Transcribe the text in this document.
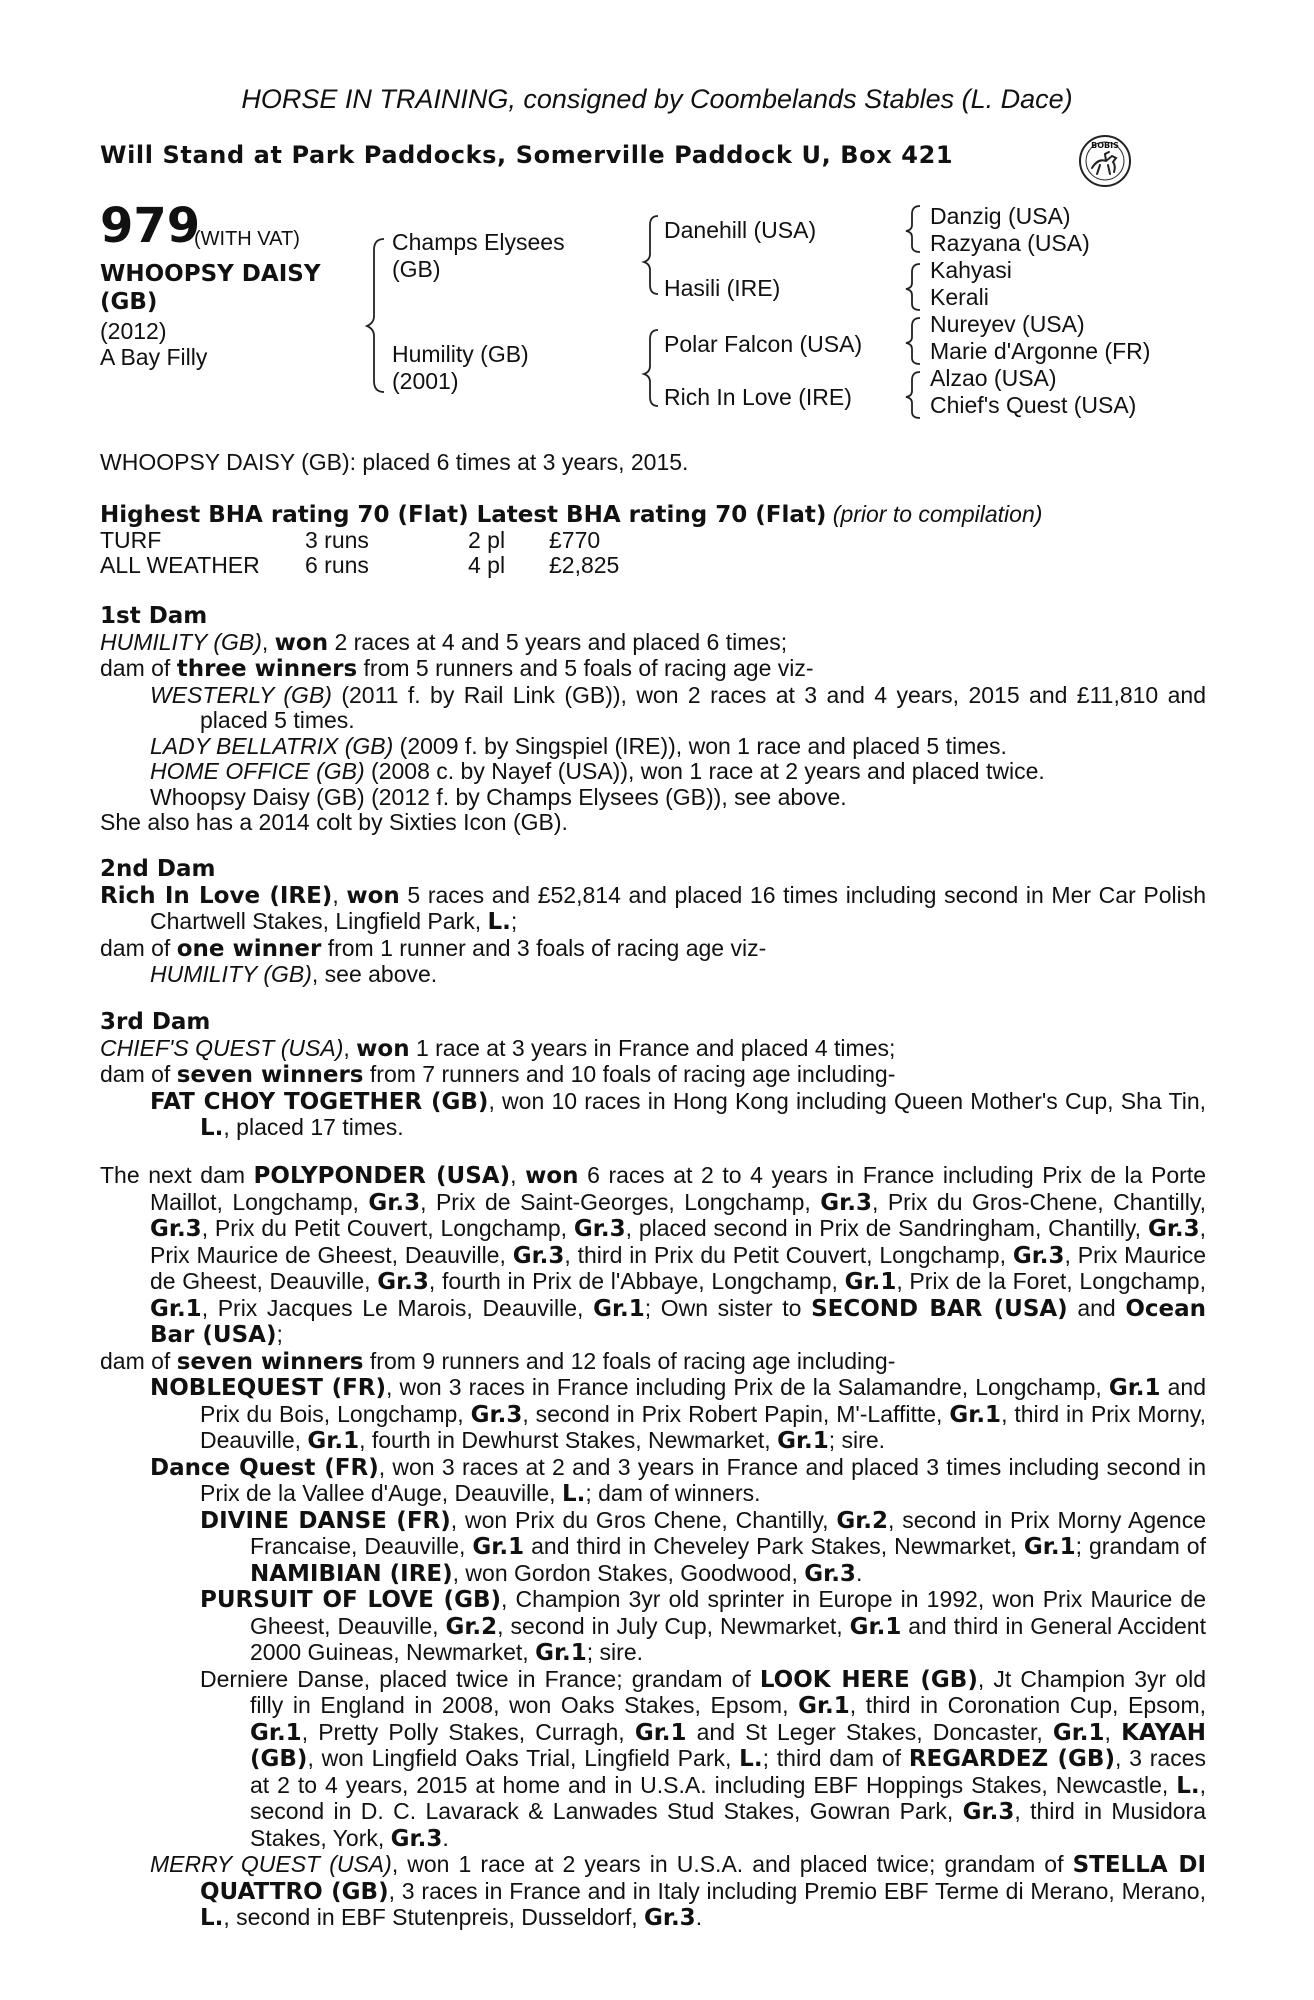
HORSE IN TRAINING, consigned by Coombelands Stables (L. Dace)
Will Stand at Park Paddocks, Somerville Paddock U, Box 421	BOBIS
979
(WITH VAT)
WHOOPSY DAISY
(GB)
(2012)
A Bay Filly
Champs Elysees
(GB)
Humility (GB)
(2001)
Danehill (USA)
Hasili (IRE)
Polar Falcon (USA)
Rich In Love (IRE)
Danzig (USA)
Razyana (USA)
Kahyasi
Kerali
Nureyev (USA)
Marie d'Argonne (FR)
Alzao (USA)
Chief's Quest (USA)
WHOOPSY DAISY (GB): placed 6 times at 3 years, 2015.
Highest BHA rating 70 (Flat) Latest BHA rating 70 (Flat) (prior to compilation)
TURF	3 runs	2 pl	£770
ALL WEATHER	6 runs	4 pl	£2,825
1st Dam

HUMILITY (GB), won 2 races at 4 and 5 years and placed 6 times;

dam of three winners from 5 runners and 5 foals of racing age viz-

WESTERLY (GB) (2011 f. by Rail Link (GB)), won 2 races at 3 and 4 years, 2015 and £11,810 and placed 5 times.

LADY BELLATRIX (GB) (2009 f. by Singspiel (IRE)), won 1 race and placed 5 times.

HOME OFFICE (GB) (2008 c. by Nayef (USA)), won 1 race at 2 years and placed twice.

Whoopsy Daisy (GB) (2012 f. by Champs Elysees (GB)), see above.

She also has a 2014 colt by Sixties Icon (GB).

2nd Dam

Rich In Love (IRE), won 5 races and £52,814 and placed 16 times including second in Mer Car Polish Chartwell Stakes, Lingfield Park, L.;

dam of one winner from 1 runner and 3 foals of racing age viz-

HUMILITY (GB), see above.

3rd Dam

CHIEF'S QUEST (USA), won 1 race at 3 years in France and placed 4 times;

dam of seven winners from 7 runners and 10 foals of racing age including-

FAT CHOY TOGETHER (GB), won 10 races in Hong Kong including Queen Mother's Cup, Sha Tin, L., placed 17 times.

The next dam POLYPONDER (USA), won 6 races at 2 to 4 years in France including Prix de la Porte Maillot, Longchamp, Gr.3, Prix de Saint-Georges, Longchamp, Gr.3, Prix du Gros-Chene, Chantilly, Gr.3, Prix du Petit Couvert, Longchamp, Gr.3, placed second in Prix de Sandringham, Chantilly, Gr.3, Prix Maurice de Gheest, Deauville, Gr.3, third in Prix du Petit Couvert, Longchamp, Gr.3, Prix Maurice de Gheest, Deauville, Gr.3, fourth in Prix de l'Abbaye, Longchamp, Gr.1, Prix de la Foret, Longchamp, Gr.1, Prix Jacques Le Marois, Deauville, Gr.1; Own sister to SECOND BAR (USA) and Ocean Bar (USA);

dam of seven winners from 9 runners and 12 foals of racing age including-

NOBLEQUEST (FR), won 3 races in France including Prix de la Salamandre, Longchamp, Gr.1 and Prix du Bois, Longchamp, Gr.3, second in Prix Robert Papin, M'-Laffitte, Gr.1, third in Prix Morny, Deauville, Gr.1, fourth in Dewhurst Stakes, Newmarket, Gr.1; sire.

Dance Quest (FR), won 3 races at 2 and 3 years in France and placed 3 times including second in Prix de la Vallee d'Auge, Deauville, L.; dam of winners.

DIVINE DANSE (FR), won Prix du Gros Chene, Chantilly, Gr.2, second in Prix Morny Agence Francaise, Deauville, Gr.1 and third in Cheveley Park Stakes, Newmarket, Gr.1; grandam of NAMIBIAN (IRE), won Gordon Stakes, Goodwood, Gr.3.

PURSUIT OF LOVE (GB), Champion 3yr old sprinter in Europe in 1992, won Prix Maurice de Gheest, Deauville, Gr.2, second in July Cup, Newmarket, Gr.1 and third in General Accident 2000 Guineas, Newmarket, Gr.1; sire.

Derniere Danse, placed twice in France; grandam of LOOK HERE (GB), Jt Champion 3yr old filly in England in 2008, won Oaks Stakes, Epsom, Gr.1, third in Coronation Cup, Epsom, Gr.1, Pretty Polly Stakes, Curragh, Gr.1 and St Leger Stakes, Doncaster, Gr.1, KAYAH (GB), won Lingfield Oaks Trial, Lingfield Park, L.; third dam of REGARDEZ (GB), 3 races at 2 to 4 years, 2015 at home and in U.S.A. including EBF Hoppings Stakes, Newcastle, L., second in D. C. Lavarack & Lanwades Stud Stakes, Gowran Park, Gr.3, third in Musidora Stakes, York, Gr.3.

MERRY QUEST (USA), won 1 race at 2 years in U.S.A. and placed twice; grandam of STELLA DI QUATTRO (GB), 3 races in France and in Italy including Premio EBF Terme di Merano, Merano, L., second in EBF Stutenpreis, Dusseldorf, Gr.3.
